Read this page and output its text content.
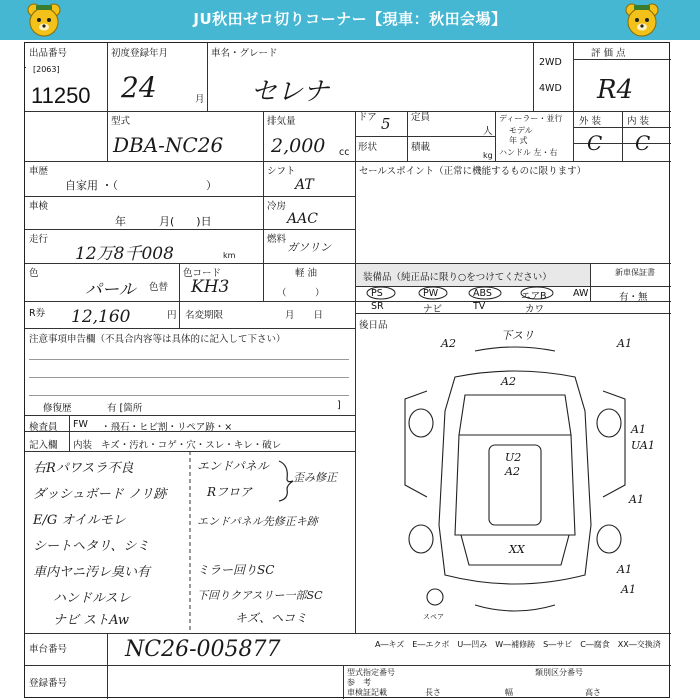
JU秋田ゼロ切りコーナー【現車：秋田会場】
出品番号
[2063]
11250
初度登録年月
24	月
車名・グレード
セレナ
2WD
4WD
評 価 点
R4
型式
DBA-NC26
排気量
2,000 cc
ドア 5 定員
人
形状	積載
kg
ディーラー・並行
モデル
年 式
ハンドル 左・右
外 装	内 装
C C
車歴
自家用 ・（　　　　　　　　）
シフト
AT
セールスポイント（正常に機能するものに限ります）
車検
年　　　月(　　)日
冷房
AAC
走行
12万8千008	km
燃料
ガソリン
軽 油
（　　　）
色
パール 色替
色コード
KH3	装備品（純正品に限り○をつけてください）	新車保証書
有・無
PS	PW	ABS	エアB	AW
SR	ナビ	TV	カワ
R券 12,160	円 名変期限	月　　日
後日品
注意事項申告欄（不具合内容等は具体的に記入して下さい）
修復歴	有 [箇所	]
検査員
記入欄
FW ・飛石・ヒビ割・リペア跡・×
内装 キズ・汚れ・コゲ・穴・スレ・キレ・破レ
右Rパワスラ不良
ダッシュボード ノリ跡
E/G オイルモレ
シートヘタリ、シミ
車内ヤニ汚レ臭い有
ハンドルスレ
ナビ ストAw
エンドパネル
Rフロア
エンドパネル先修正キ跡
ミラー回りSC
下回りクアスリー一部SC
キズ、ヘコミ
歪み修正
下スリ
A2	A1
A2
A1
UA1
U2
A2
A1
A1
XX
A1
スペア
A―キズ　E―エクボ　U―凹み　W―補修跡　S―サビ　C―腐食　XX―交換済
車台番号	NC26-005877
登録番号
型式指定番号
参　考
類別区分番号
車検証記載	長さ	幅	高さ
